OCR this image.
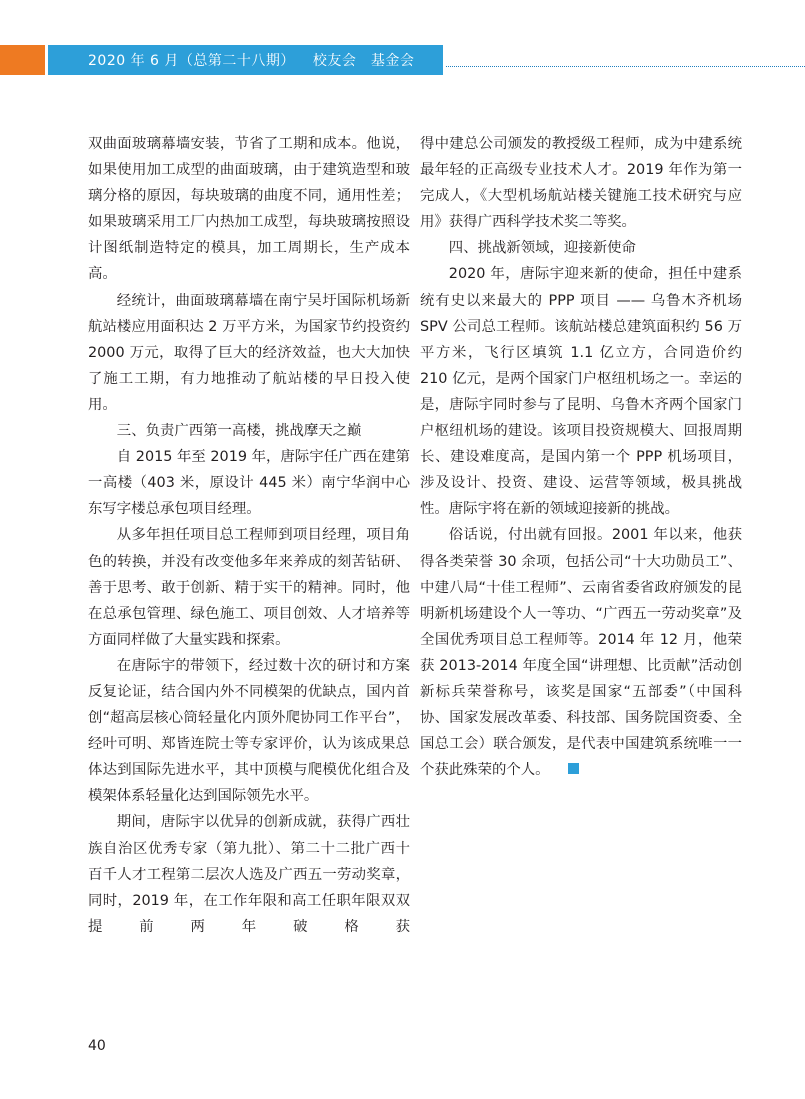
2020 年 6 月（总第二十八期） 校友会　基金会

双曲面玻璃幕墙安装，节省了工期和成本。他说，如果使用加工成型的曲面玻璃，由于建筑造型和玻璃分格的原因，每块玻璃的曲度不同，通用性差；如果玻璃采用工厂内热加工成型，每块玻璃按照设计图纸制造特定的模具，加工周期长，生产成本高。

经统计，曲面玻璃幕墙在南宁吴圩国际机场新航站楼应用面积达 2 万平方米，为国家节约投资约 2000 万元，取得了巨大的经济效益，也大大加快了施工工期，有力地推动了航站楼的早日投入使用。

三、负责广西第一高楼，挑战摩天之巅

自 2015 年至 2019 年，唐际宇任广西在建第一高楼（403 米，原设计 445 米）南宁华润中心东写字楼总承包项目经理。

从多年担任项目总工程师到项目经理，项目角色的转换，并没有改变他多年来养成的刻苦钻研、善于思考、敢于创新、精于实干的精神。同时，他在总承包管理、绿色施工、项目创效、人才培养等方面同样做了大量实践和探索。

在唐际宇的带领下，经过数十次的研讨和方案反复论证，结合国内外不同模架的优缺点，国内首创“超高层核心筒轻量化内顶外爬协同工作平台”，经叶可明、郑皆连院士等专家评价，认为该成果总体达到国际先进水平，其中顶模与爬模优化组合及模架体系轻量化达到国际领先水平。

期间，唐际宇以优异的创新成就，获得广西壮族自治区优秀专家（第九批）、第二十二批广西十百千人才工程第二层次人选及广西五一劳动奖章，同时，2019 年，在工作年限和高工任职年限双双提前两年破格获

得中建总公司颁发的教授级工程师，成为中建系统最年轻的正高级专业技术人才。2019 年作为第一完成人，《大型机场航站楼关键施工技术研究与应用》获得广西科学技术奖二等奖。

四、挑战新领域，迎接新使命

2020 年，唐际宇迎来新的使命，担任中建系统有史以来最大的 PPP 项目 —— 乌鲁木齐机场 SPV 公司总工程师。该航站楼总建筑面积约 56 万平方米，飞行区填筑 1.1 亿立方，合同造价约 210 亿元，是两个国家门户枢纽机场之一。幸运的是，唐际宇同时参与了昆明、乌鲁木齐两个国家门户枢纽机场的建设。该项目投资规模大、回报周期长、建设难度高，是国内第一个 PPP 机场项目，涉及设计、投资、建设、运营等领域，极具挑战性。唐际宇将在新的领域迎接新的挑战。

俗话说，付出就有回报。2001 年以来，他获得各类荣誉 30 余项，包括公司“十大功勋员工”、中建八局“十佳工程师”、云南省委省政府颁发的昆明新机场建设个人一等功、“广西五一劳动奖章”及全国优秀项目总工程师等。2014 年 12 月，他荣获 2013-2014 年度全国“讲理想、比贡献”活动创新标兵荣誉称号，该奖是国家“五部委”（中国科协、国家发展改革委、科技部、国务院国资委、全国总工会）联合颁发，是代表中国建筑系统唯一一个获此殊荣的个人。

40
